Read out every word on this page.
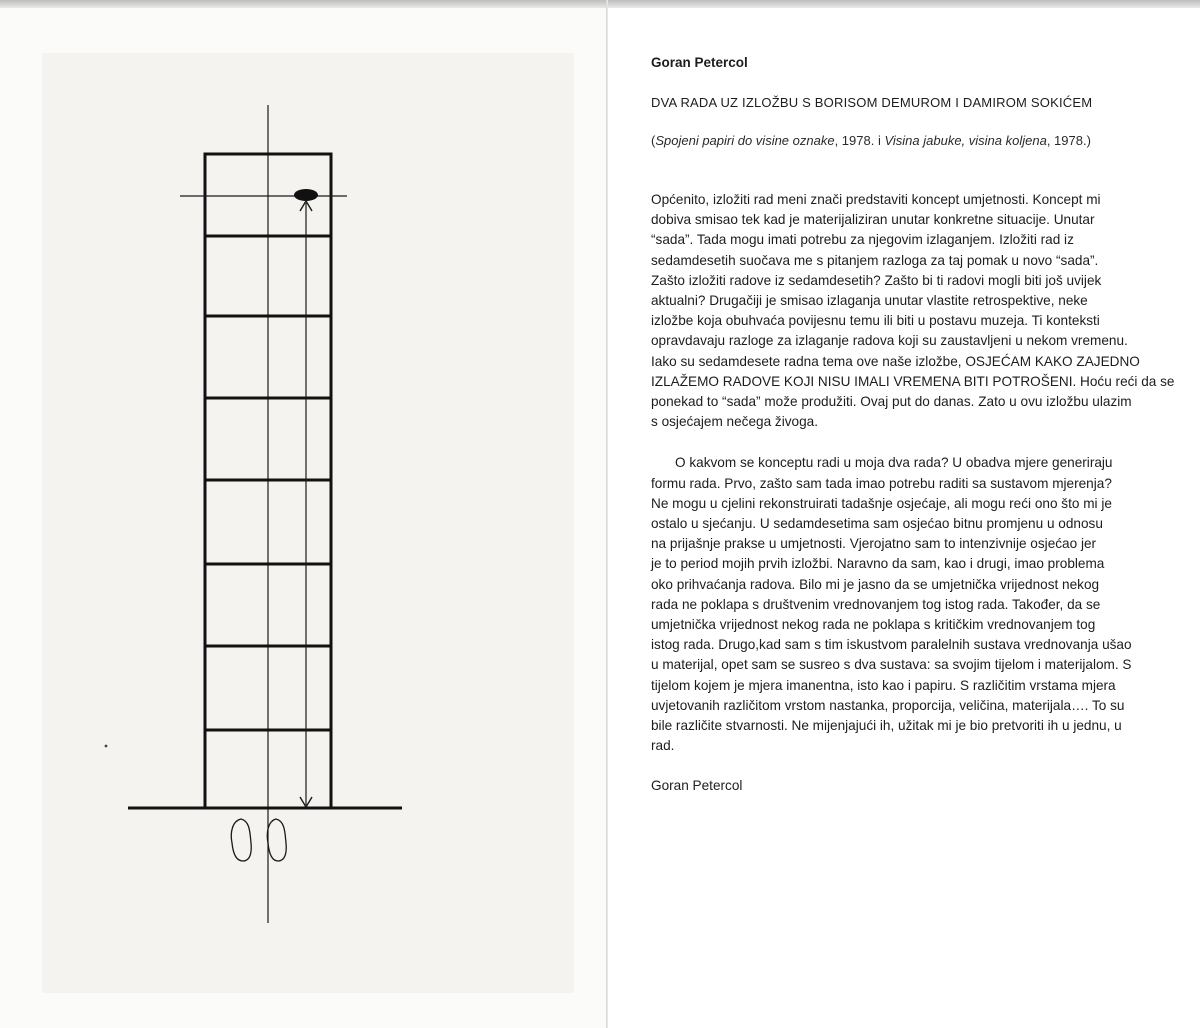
Goran Petercol

DVA RADA UZ IZLOŽBU S BORISOM DEMUROM I DAMIROM SOKIĆEM

(Spojeni papiri do visine oznake, 1978. i Visina jabuke, visina koljena, 1978.)

Općenito, izložiti rad meni znači predstaviti koncept umjetnosti. Koncept mi
dobiva smisao tek kad je materijaliziran unutar konkretne situacije. Unutar
“sada”. Tada mogu imati potrebu za njegovim izlaganjem. Izložiti rad iz
sedamdesetih suočava me s pitanjem razloga za taj pomak u novo “sada”.
Zašto izložiti radove iz sedamdesetih? Zašto bi ti radovi mogli biti još uvijek
aktualni? Drugačiji je smisao izlaganja unutar vlastite retrospektive, neke
izložbe koja obuhvaća povijesnu temu ili biti u postavu muzeja. Ti konteksti
opravdavaju razloge za izlaganje radova koji su zaustavljeni u nekom vremenu.
Iako su sedamdesete radna tema ove naše izložbe, OSJEĆAM KAKO ZAJEDNO
IZLAŽEMO RADOVE KOJI NISU IMALI VREMENA BITI POTROŠENI. Hoću reći da se
ponekad to “sada” može produžiti. Ovaj put do danas. Zato u ovu izložbu ulazim
s osjećajem nečega živoga.

O kakvom se konceptu radi u moja dva rada? U obadva mjere generiraju
formu rada. Prvo, zašto sam tada imao potrebu raditi sa sustavom mjerenja?
Ne mogu u cjelini rekonstruirati tadašnje osjećaje, ali mogu reći ono što mi je
ostalo u sjećanju. U sedamdesetima sam osjećao bitnu promjenu u odnosu
na prijašnje prakse u umjetnosti. Vjerojatno sam to intenzivnije osjećao jer
je to period mojih prvih izložbi. Naravno da sam, kao i drugi, imao problema
oko prihvaćanja radova. Bilo mi je jasno da se umjetnička vrijednost nekog
rada ne poklapa s društvenim vrednovanjem tog istog rada. Također, da se
umjetnička vrijednost nekog rada ne poklapa s kritičkim vrednovanjem tog
istog rada. Drugo,kad sam s tim iskustvom paralelnih sustava vrednovanja ušao
u materijal, opet sam se susreo s dva sustava: sa svojim tijelom i materijalom. S
tijelom kojem je mjera imanentna, isto kao i papiru. S različitim vrstama mjera
uvjetovanih različitom vrstom nastanka, proporcija, veličina, materijala…. To su
bile različite stvarnosti. Ne mijenjajući ih, užitak mi je bio pretvoriti ih u jednu, u
rad.

Goran Petercol
